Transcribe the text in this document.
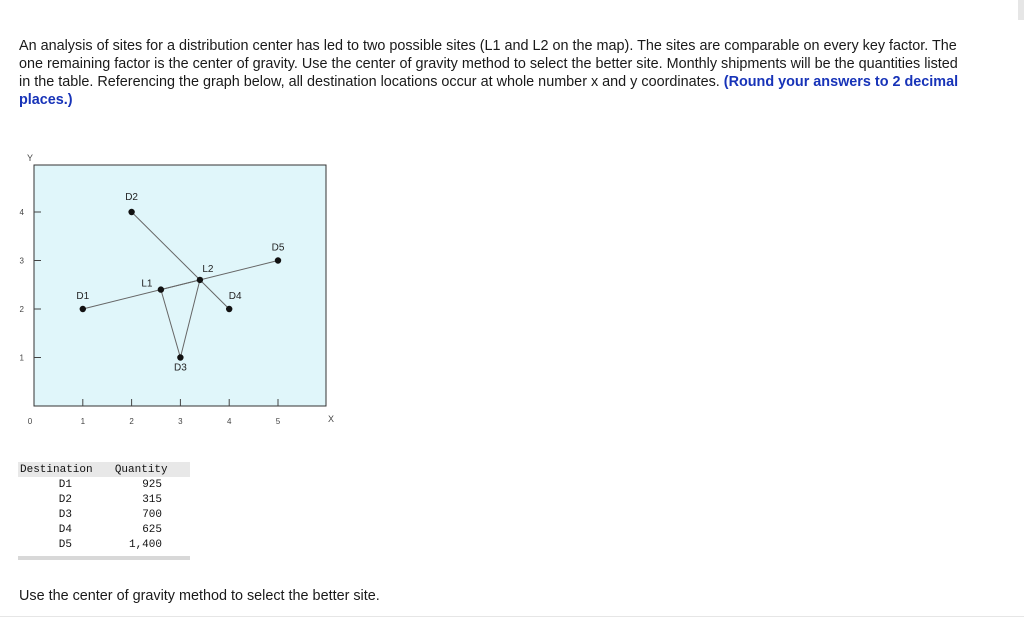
An analysis of sites for a distribution center has led to two possible sites (L1 and L2 on the map). The sites are comparable on every key factor. The one remaining factor is the center of gravity. Use the center of gravity method to select the better site. Monthly shipments will be the quantities listed in the table. Referencing the graph below, all destination locations occur at whole number x and y coordinates. (Round your answers to 2 decimal places.)

Y
X
0
1
2
3
4
1	2	3	4	5
D1
D2
D3
D4
D5
L1
L2
Destination	Quantity
D1	925
D2	315
D3	700
D4	625
D5	1,400
Use the center of gravity method to select the better site.
